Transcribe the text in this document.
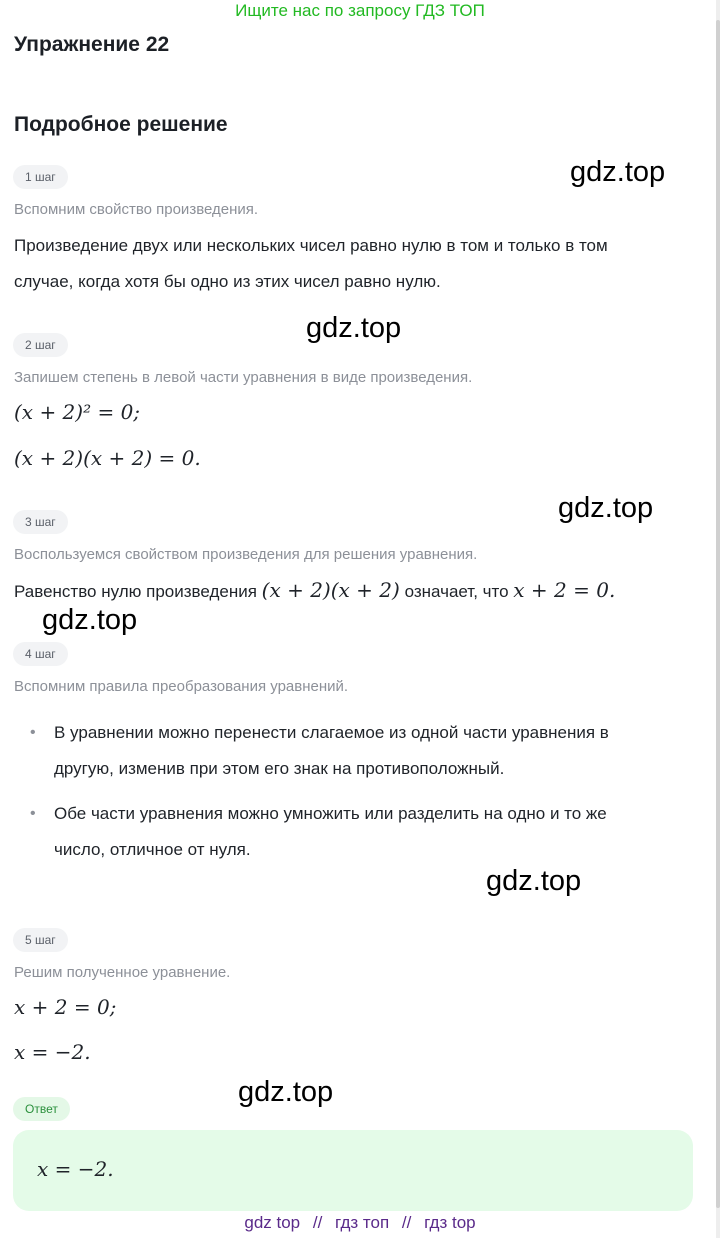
Ищите нас по запросу ГДЗ ТОП
Упражнение 22
Подробное решение
1 шаг
Вспомним свойство произведения.
Произведение двух или нескольких чисел равно нулю в том и только в том
случае, когда хотя бы одно из этих чисел равно нулю.
2 шаг
Запишем степень в левой части уравнения в виде произведения.
(x + 2)² = 0;
(x + 2)(x + 2) = 0.
3 шаг
Воспользуемся свойством произведения для решения уравнения.
Равенство нулю произведения (x + 2)(x + 2) означает, что x + 2 = 0.
4 шаг
Вспомним правила преобразования уравнений.
• В уравнении можно перенести слагаемое из одной части уравнения в
другую, изменив при этом его знак на противоположный.
• Обе части уравнения можно умножить или разделить на одно и то же
число, отличное от нуля.
5 шаг
Решим полученное уравнение.
x + 2 = 0;
x = −2.
Ответ
x = −2.
gdz.top
gdz.top
gdz.top
gdz.top
gdz.top
gdz.top
gdz top // гдз топ // гдз top
